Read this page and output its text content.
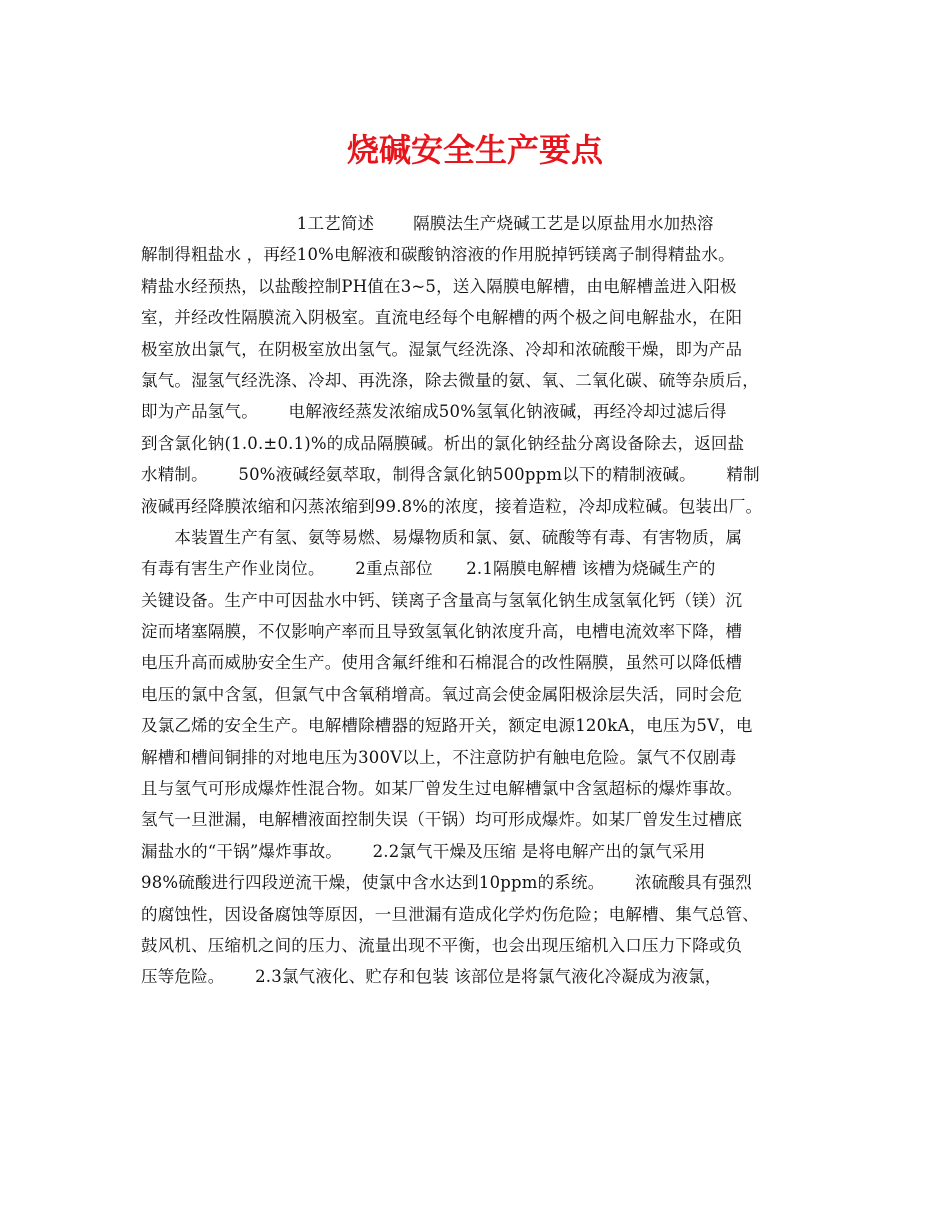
烧碱安全生产要点
　　　　　　　　　 1工艺简述　　 隔膜法生产烧碱工艺是以原盐用水加热溶
解制得粗盐水 ，再经10%电解液和碳酸钠溶液的作用脱掉钙镁离子制得精盐水。
精盐水经预热，以盐酸控制PH值在3~5，送入隔膜电解槽，由电解槽盖进入阳极
室，并经改性隔膜流入阴极室。直流电经每个电解槽的两个极之间电解盐水，在阳
极室放出氯气，在阴极室放出氢气。湿氯气经洗涤、冷却和浓硫酸干燥，即为产品
氯气。湿氢气经洗涤、冷却、再洗涤，除去微量的氨、氧、二氧化碳、硫等杂质后，
即为产品氢气。　　 电解液经蒸发浓缩成50%氢氧化钠液碱，再经冷却过滤后得
到含氯化钠(1.0.±0.1)%的成品隔膜碱。析出的氯化钠经盐分离设备除去，返回盐
水精制。　　 50%液碱经氨萃取，制得含氯化钠500ppm以下的精制液碱。　　 精制
液碱再经降膜浓缩和闪蒸浓缩到99.8%的浓度，接着造粒，冷却成粒碱。包装出厂。
　　本装置生产有氢、氨等易燃、易爆物质和氯、氨、硫酸等有毒、有害物质，属
有毒有害生产作业岗位。　　 2重点部位　　2.1隔膜电解槽 该槽为烧碱生产的
关键设备。生产中可因盐水中钙、镁离子含量高与氢氧化钠生成氢氧化钙（镁）沉
淀而堵塞隔膜，不仅影响产率而且导致氢氧化钠浓度升高，电槽电流效率下降，槽
电压升高而威胁安全生产。使用含氟纤维和石棉混合的改性隔膜，虽然可以降低槽
电压的氯中含氢，但氯气中含氧稍增高。氧过高会使金属阳极涂层失活，同时会危
及氯乙烯的安全生产。电解槽除槽器的短路开关，额定电源120kA，电压为5V，电
解槽和槽间铜排的对地电压为300V以上，不注意防护有触电危险。氯气不仅剧毒
且与氢气可形成爆炸性混合物。如某厂曾发生过电解槽氯中含氢超标的爆炸事故。
氢气一旦泄漏，电解槽液面控制失误（干锅）均可形成爆炸。如某厂曾发生过槽底
漏盐水的“干锅”爆炸事故。　　 2.2氯气干燥及压缩 是将电解产出的氯气采用
98%硫酸进行四段逆流干燥，使氯中含水达到10ppm的系统。　　 浓硫酸具有强烈
的腐蚀性，因设备腐蚀等原因，一旦泄漏有造成化学灼伤危险；电解槽、集气总管、
鼓风机、压缩机之间的压力、流量出现不平衡，也会出现压缩机入口压力下降或负
压等危险。　　 2.3氯气液化、贮存和包装 该部位是将氯气液化冷凝成为液氯，
